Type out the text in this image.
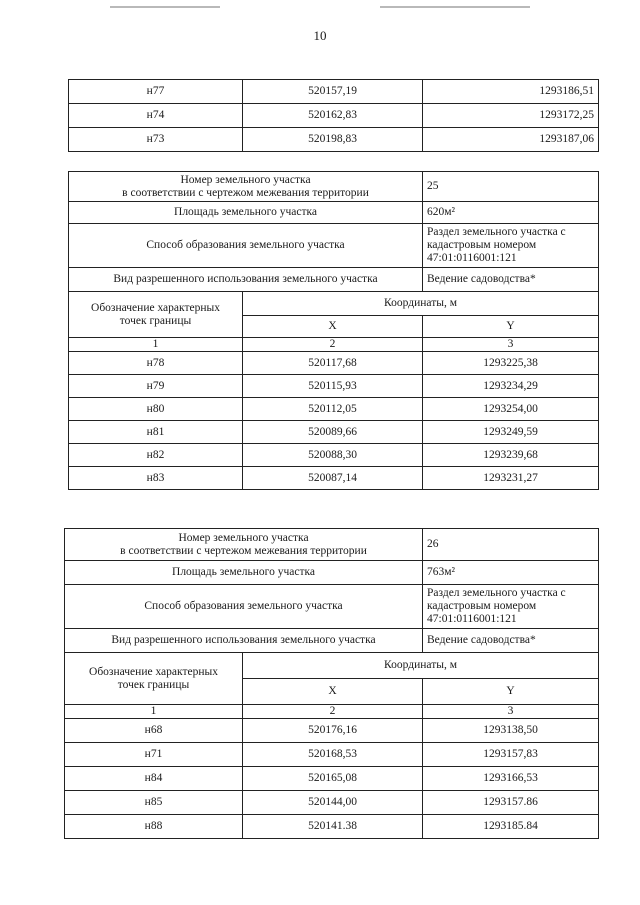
10
н77	520157,19	1293186,51
н74	520162,83	1293172,25
н73	520198,83	1293187,06
Номер земельного участка
в соответствии с чертежом межевания территории		25
Площадь земельного участка		620м²
Способ образования земельного участка		Раздел земельного участка с кадастровым номером 47:01:0116001:121
Вид разрешенного использования земельного участка		Ведение садоводства*
Обозначение характерных
точек границы	Координаты, м	
	X	Y
1	2	3
н78	520117,68	1293225,38
н79	520115,93	1293234,29
н80	520112,05	1293254,00
н81	520089,66	1293249,59
н82	520088,30	1293239,68
н83	520087,14	1293231,27
Номер земельного участка
в соответствии с чертежом межевания территории		26
Площадь земельного участка		763м²
Способ образования земельного участка		Раздел земельного участка с кадастровым номером 47:01:0116001:121
Вид разрешенного использования земельного участка		Ведение садоводства*
Обозначение характерных
точек границы	Координаты, м	
	X	Y
1	2	3
н68	520176,16	1293138,50
н71	520168,53	1293157,83
н84	520165,08	1293166,53
н85	520144,00	1293157.86
н88	520141.38	1293185.84
